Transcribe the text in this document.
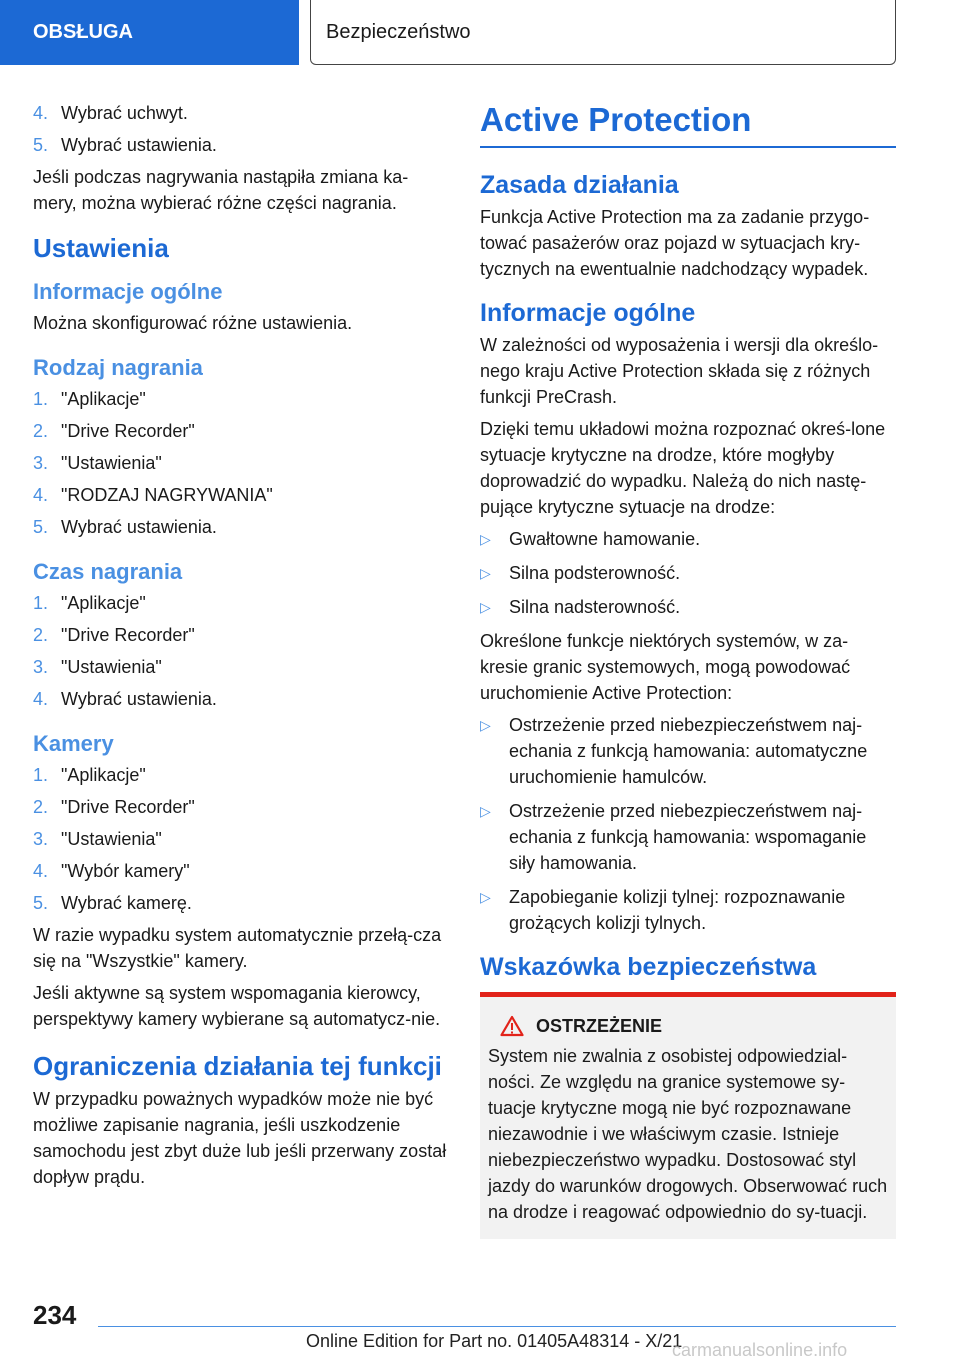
OBSŁUGA	Bezpieczeństwo
4. Wybrać uchwyt.
5. Wybrać ustawienia.

Jeśli podczas nagrywania nastąpiła zmiana ka-mery, można wybierać różne części nagrania.

Ustawienia
Informacje ogólne

Można skonfigurować różne ustawienia.

Rodzaj nagrania
1. "Aplikacje"
2. "Drive Recorder"
3. "Ustawienia"
4. "RODZAJ NAGRYWANIA"
5. Wybrać ustawienia.
Czas nagrania
1. "Aplikacje"
2. "Drive Recorder"
3. "Ustawienia"
4. Wybrać ustawienia.
Kamery
1. "Aplikacje"
2. "Drive Recorder"
3. "Ustawienia"
4. "Wybór kamery"
5. Wybrać kamerę.

W razie wypadku system automatycznie przełą-cza się na "Wszystkie" kamery.

Jeśli aktywne są system wspomagania kierowcy, perspektywy kamery wybierane są automatycz-nie.

Ograniczenia działania tej funkcji

W przypadku poważnych wypadków może nie być możliwe zapisanie nagrania, jeśli uszkodzenie samochodu jest zbyt duże lub jeśli przerwany został dopływ prądu.

Active Protection
Zasada działania

Funkcja Active Protection ma za zadanie przygo-tować pasażerów oraz pojazd w sytuacjach kry-tycznych na ewentualnie nadchodzący wypadek.

Informacje ogólne

W zależności od wyposażenia i wersji dla określo-nego kraju Active Protection składa się z różnych funkcji PreCrash.

Dzięki temu układowi można rozpoznać okreś-lone sytuacje krytyczne na drodze, które mogłyby doprowadzić do wypadku. Należą do nich nastę-pujące krytyczne sytuacje na drodze:

▷	Gwałtowne hamowanie.
▷	Silna podsterowność.
▷	Silna nadsterowność.

Określone funkcje niektórych systemów, w za-kresie granic systemowych, mogą powodować uruchomienie Active Protection:

▷	Ostrzeżenie przed niebezpieczeństwem naj-echania z funkcją hamowania: automatyczne uruchomienie hamulców.
▷	Ostrzeżenie przed niebezpieczeństwem naj-echania z funkcją hamowania: wspomaganie siły hamowania.
▷	Zapobieganie kolizji tylnej: rozpoznawanie grożących kolizji tylnych.
Wskazówka bezpieczeństwa
OSTRZEŻENIE

System nie zwalnia z osobistej odpowiedzial-ności. Ze względu na granice systemowe sy-tuacje krytyczne mogą nie być rozpoznawane niezawodnie i we właściwym czasie. Istnieje niebezpieczeństwo wypadku. Dostosować styl jazdy do warunków drogowych. Obserwować ruch na drodze i reagować odpowiednio do sy-tuacji.

234
Online Edition for Part no. 01405A48314 - X/21
carmanualsonline.info
